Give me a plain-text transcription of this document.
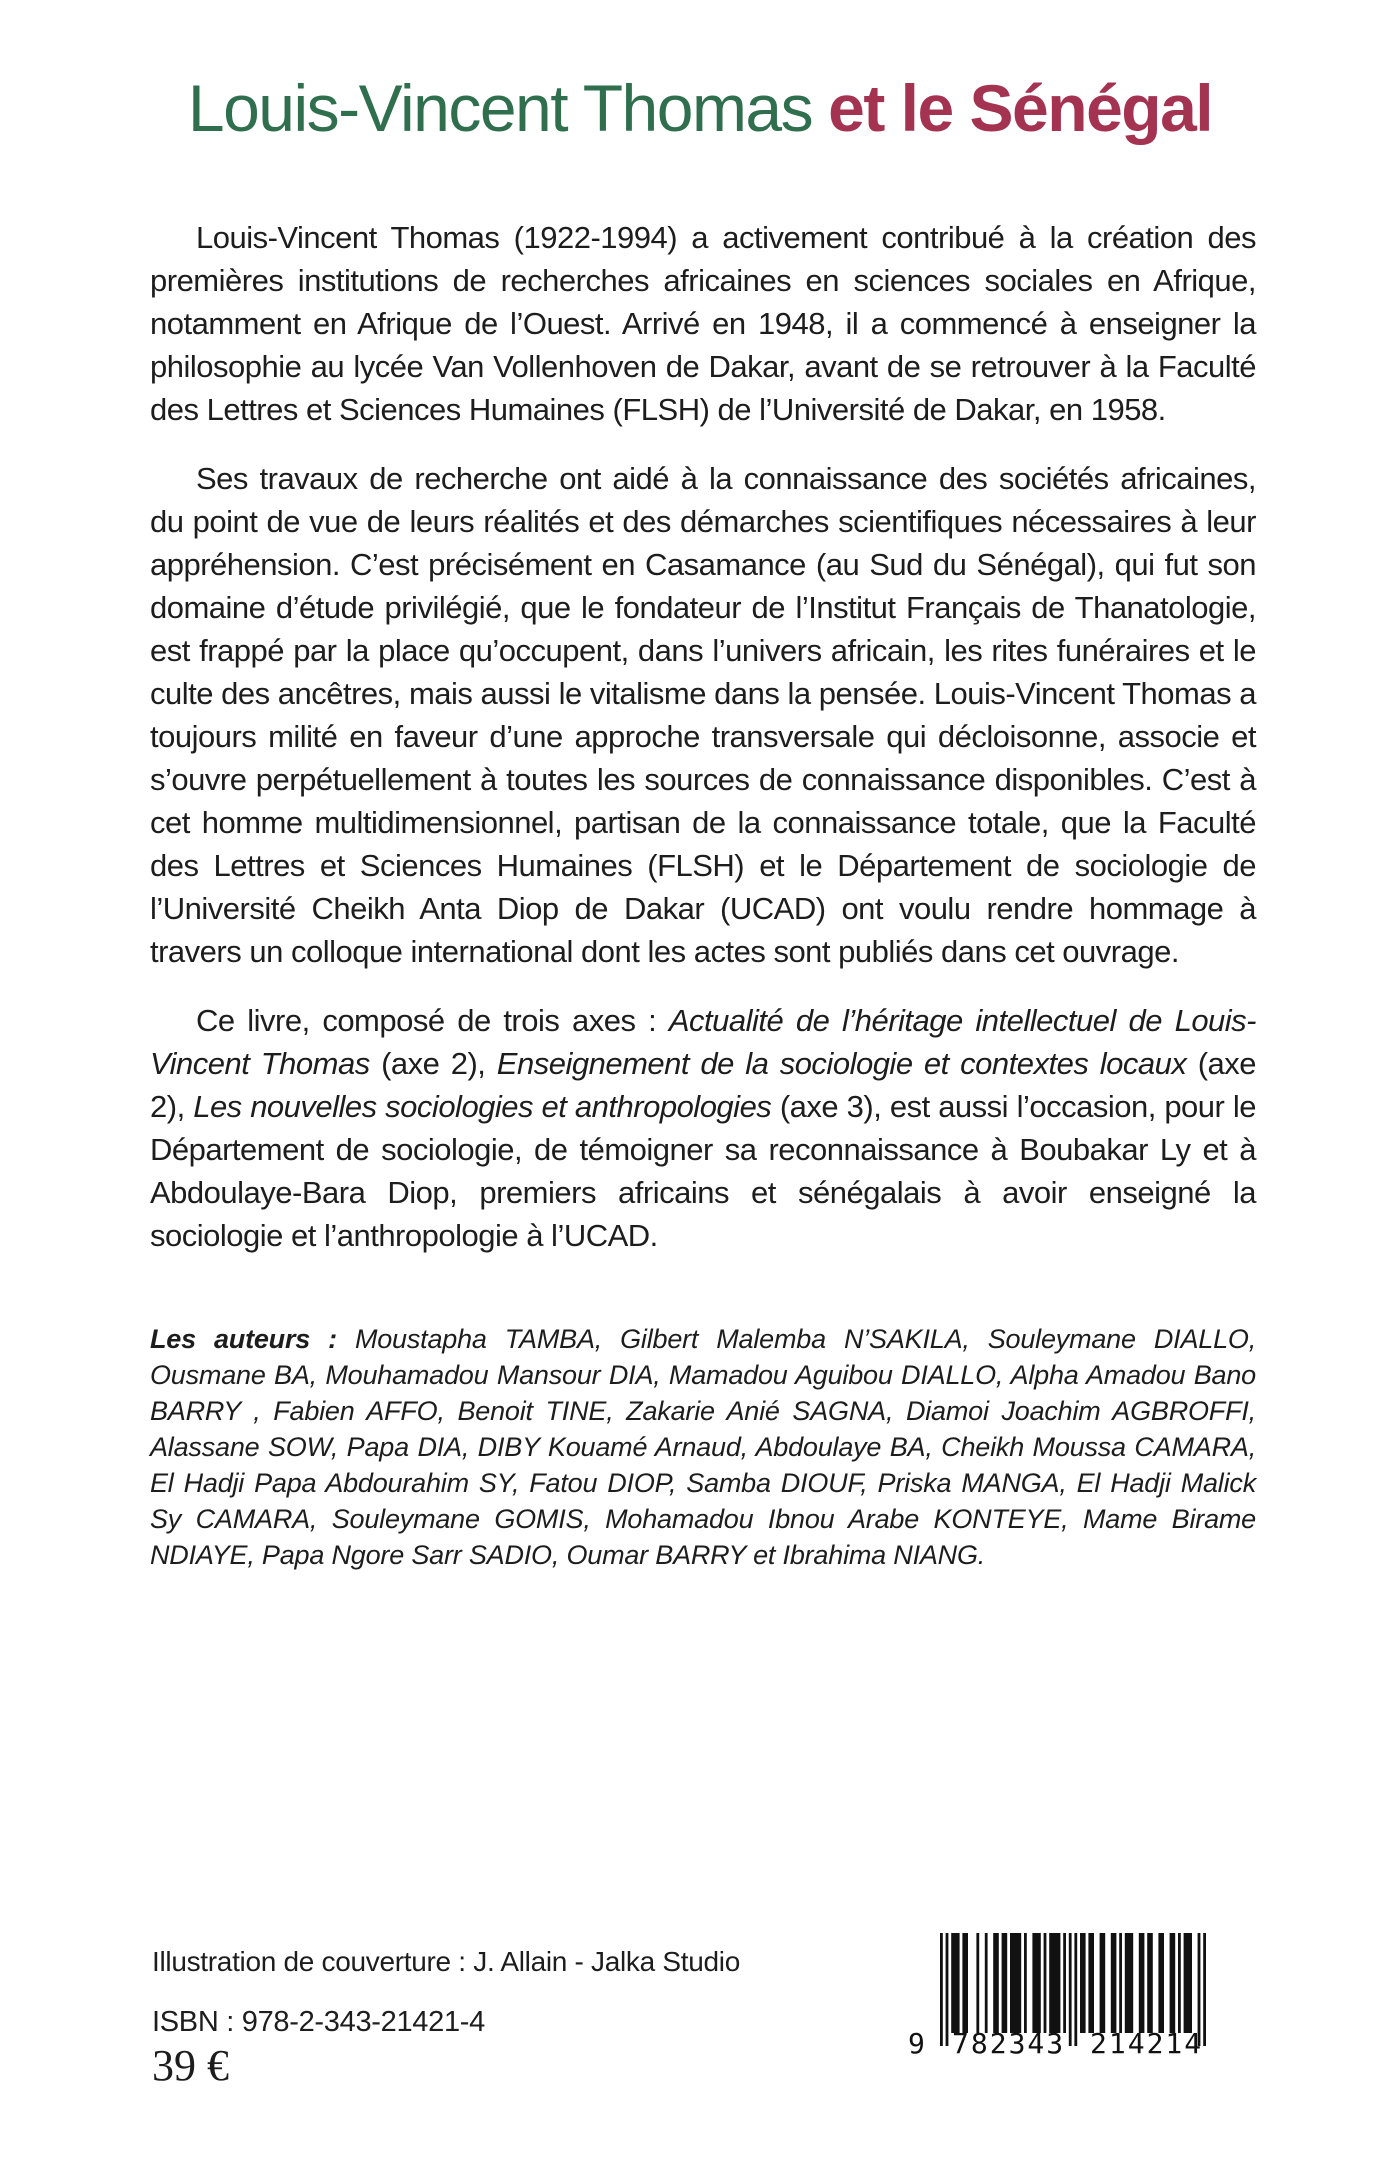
Louis-Vincent Thomas et le Sénégal

Louis-Vincent Thomas (1922-1994) a activement contribué à la création des premières institutions de recherches africaines en sciences sociales en Afrique, notamment en Afrique de l’Ouest. Arrivé en 1948, il a commencé à enseigner la philosophie au lycée Van Vollenhoven de Dakar, avant de se retrouver à la Faculté des Lettres et Sciences Humaines (FLSH) de l’Université de Dakar, en 1958.

Ses travaux de recherche ont aidé à la connaissance des sociétés africaines, du point de vue de leurs réalités et des démarches scientifiques nécessaires à leur appréhension. C’est précisément en Casamance (au Sud du Sénégal), qui fut son domaine d’étude privilégié, que le fondateur de l’Institut Français de Thanatologie, est frappé par la place qu’occupent, dans l’univers africain, les rites funéraires et le culte des ancêtres, mais aussi le vitalisme dans la pensée. Louis-Vincent Thomas a toujours milité en faveur d’une approche transversale qui décloisonne, associe et s’ouvre perpétuellement à toutes les sources de connaissance disponibles. C’est à cet homme multidimensionnel, partisan de la connaissance totale, que la Faculté des Lettres et Sciences Humaines (FLSH) et le Département de sociologie de l’Université Cheikh Anta Diop de Dakar (UCAD) ont voulu rendre hommage à travers un colloque international dont les actes sont publiés dans cet ouvrage.

Ce livre, composé de trois axes : Actualité de l’héritage intellectuel de Louis-Vincent Thomas (axe 2), Enseignement de la sociologie et contextes locaux (axe 2), Les nouvelles sociologies et anthropologies (axe 3), est aussi l’occasion, pour le Département de sociologie, de témoigner sa reconnaissance à Boubakar Ly et à Abdoulaye-Bara Diop, premiers africains et sénégalais à avoir enseigné la sociologie et l’anthropologie à l’UCAD.

Les auteurs : Moustapha TAMBA, Gilbert Malemba N’SAKILA, Souleymane DIALLO, Ousmane BA, Mouhamadou Mansour DIA, Mamadou Aguibou DIALLO, Alpha Amadou Bano BARRY , Fabien AFFO, Benoit TINE, Zakarie Anié SAGNA, Diamoi Joachim AGBROFFI, Alassane SOW, Papa DIA, DIBY Kouamé Arnaud, Abdoulaye BA, Cheikh Moussa CAMARA, El Hadji Papa Abdourahim SY, Fatou DIOP, Samba DIOUF, Priska MANGA, El Hadji Malick Sy CAMARA, Souleymane GOMIS, Mohamadou Ibnou Arabe KONTEYE, Mame Birame NDIAYE, Papa Ngore Sarr SADIO, Oumar BARRY et Ibrahima NIANG.

Illustration de couverture : J. Allain - Jalka Studio
ISBN : 978-2-343-21421-4
39 €	9 782343 214214
